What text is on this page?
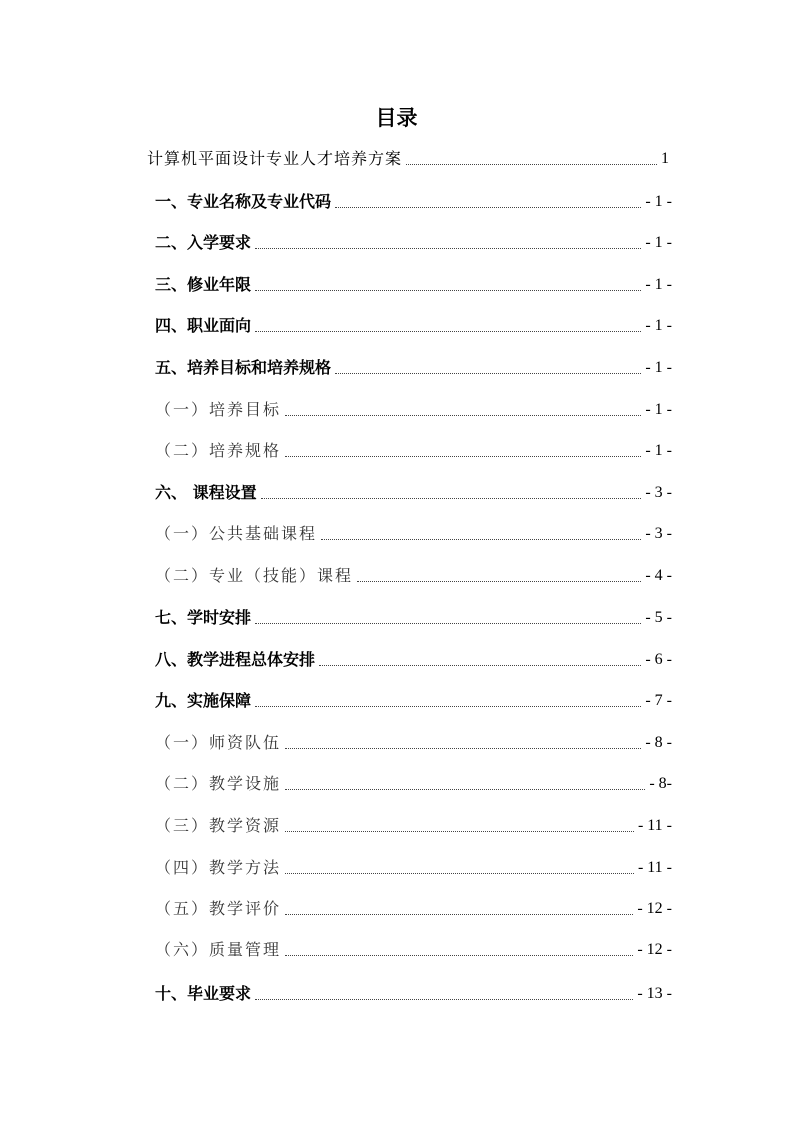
目录
计算机平面设计专业人才培养方案	1
一、专业名称及专业代码	- 1 -
二、入学要求	- 1 -
三、修业年限	- 1 -
四、职业面向	- 1 -
五、培养目标和培养规格	- 1 -
（一）培养目标	- 1 -
（二）培养规格	- 1 -
六、 课程设置	- 3 -
（一）公共基础课程	- 3 -
（二）专业（技能）课程	- 4 -
七、学时安排	- 5 -
八、教学进程总体安排	- 6 -
九、实施保障	- 7 -
（一）师资队伍	- 8 -
（二）教学设施	- 8-
（三）教学资源	- 11 -
（四）教学方法	- 11 -
（五）教学评价	- 12 -
（六）质量管理	- 12 -
十、毕业要求	- 13 -
